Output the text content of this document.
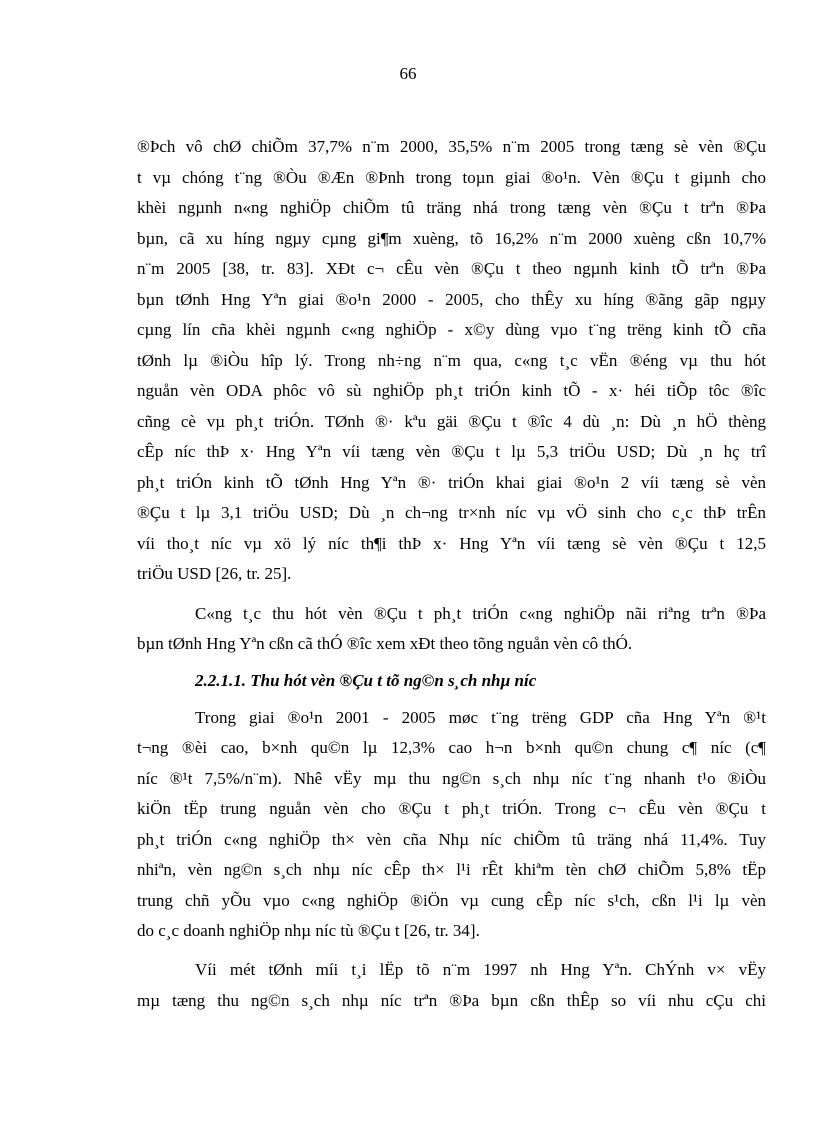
66
®Þch vô chØ chiÕm 37,7% n¨m 2000, 35,5% n¨m 2005 trong tæng sè vèn ®Çu
t vµ chóng t¨ng ®Òu ®Æn ®Þnh trong toµn giai ®o¹n. Vèn ®Çu t giµnh cho
khèi ngµnh n«ng nghiÖp chiÕm tû träng nhá trong tæng vèn ®Çu t trªn ®Þa
bµn, cã xu híng ngµy cµng gi¶m xuèng, tõ 16,2% n¨m 2000 xuèng cßn 10,7%
n¨m 2005 [38, tr. 83]. XÐt c¬ cÊu vèn ®Çu t theo ngµnh kinh tÕ trªn ®Þa
bµn tØnh Hng Yªn giai ®o¹n 2000 - 2005, cho thÊy xu híng ®ãng gãp ngµy
cµng lín cña khèi ngµnh c«ng nghiÖp - x©y dùng vµo t¨ng trëng kinh tÕ cña
tØnh lµ ®iÒu hîp lý. Trong nh÷ng n¨m qua, c«ng t¸c vËn ®éng vµ thu hót
nguån vèn ODA phôc vô sù nghiÖp ph¸t triÓn kinh tÕ - x· héi tiÕp tôc ®îc
cñng cè vµ ph¸t triÓn. TØnh ®· kªu gäi ®Çu t ®îc 4 dù ¸n: Dù ¸n hÖ thèng
cÊp níc thÞ x· Hng Yªn víi tæng vèn ®Çu t lµ 5,3 triÖu USD; Dù ¸n hç trî
ph¸t triÓn kinh tÕ tØnh Hng Yªn ®· triÓn khai giai ®o¹n 2 víi tæng sè vèn
®Çu t lµ 3,1 triÖu USD; Dù ¸n ch¬ng tr×nh níc vµ vÖ sinh cho c¸c thÞ trÊn
víi tho¸t níc vµ xö lý níc th¶i thÞ x· Hng Yªn víi tæng sè vèn ®Çu t 12,5
triÖu USD [26, tr. 25].
C«ng t¸c thu hót vèn ®Çu t ph¸t triÓn c«ng nghiÖp nãi riªng trªn ®Þa
bµn tØnh Hng Yªn cßn cã thÓ ®îc xem xÐt theo tõng nguån vèn cô thÓ.
2.2.1.1. Thu hót vèn ®Çu t tõ ng©n s¸ch nhµ níc
Trong giai ®o¹n 2001 - 2005 møc t¨ng trëng GDP cña Hng Yªn ®¹t
t¬ng ®èi cao, b×nh qu©n lµ 12,3% cao h¬n b×nh qu©n chung c¶ níc (c¶
níc ®¹t 7,5%/n¨m). Nhê vËy mµ thu ng©n s¸ch nhµ níc t¨ng nhanh t¹o ®iÒu
kiÖn tËp trung nguån vèn cho ®Çu t ph¸t triÓn. Trong c¬ cÊu vèn ®Çu t
ph¸t triÓn c«ng nghiÖp th× vèn cña Nhµ níc chiÕm tû träng nhá 11,4%. Tuy
nhiªn, vèn ng©n s¸ch nhµ níc cÊp th× l¹i rÊt khiªm tèn chØ chiÕm 5,8% tËp
trung chñ yÕu vµo c«ng nghiÖp ®iÖn vµ cung cÊp níc s¹ch, cßn l¹i lµ vèn
do c¸c doanh nghiÖp nhµ níc tù ®Çu t [26, tr. 34].
Víi mét tØnh míi t¸i lËp tõ n¨m 1997 nh Hng Yªn. ChÝnh v× vËy
mµ tæng thu ng©n s¸ch nhµ níc trªn ®Þa bµn cßn thÊp so víi nhu cÇu chi
